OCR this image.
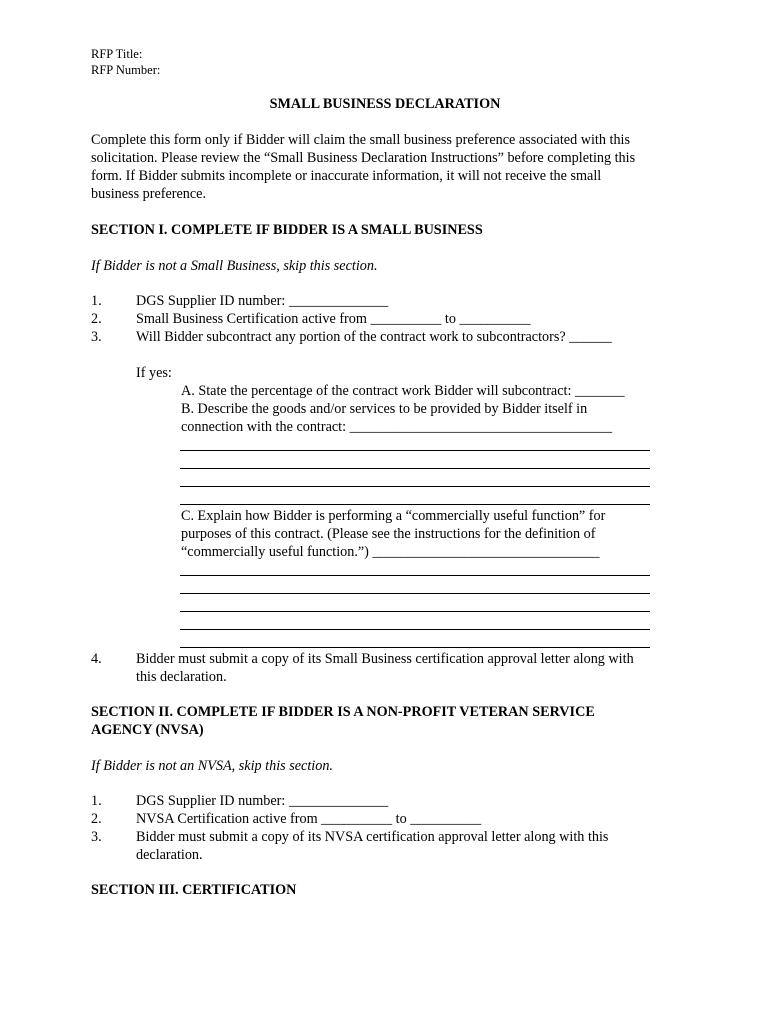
RFP Title:
RFP Number:
SMALL BUSINESS DECLARATION
Complete this form only if Bidder will claim the small business preference associated with this
solicitation. Please review the “Small Business Declaration Instructions” before completing this
form. If Bidder submits incomplete or inaccurate information, it will not receive the small
business preference.
SECTION I. COMPLETE IF BIDDER IS A SMALL BUSINESS
If Bidder is not a Small Business, skip this section.
1. DGS Supplier ID number: ______________
2. Small Business Certification active from __________ to __________
3. Will Bidder subcontract any portion of the contract work to subcontractors? ______
If yes:
A. State the percentage of the contract work Bidder will subcontract: _______
B. Describe the goods and/or services to be provided by Bidder itself in
connection with the contract: _____________________________________
C. Explain how Bidder is performing a “commercially useful function” for
purposes of this contract. (Please see the instructions for the definition of
“commercially useful function.”) ________________________________
4. Bidder must submit a copy of its Small Business certification approval letter along with
this declaration.
SECTION II. COMPLETE IF BIDDER IS A NON-PROFIT VETERAN SERVICE
AGENCY (NVSA)
If Bidder is not an NVSA, skip this section.
1. DGS Supplier ID number: ______________
2. NVSA Certification active from __________ to __________
3. Bidder must submit a copy of its NVSA certification approval letter along with this
declaration.
SECTION III. CERTIFICATION
